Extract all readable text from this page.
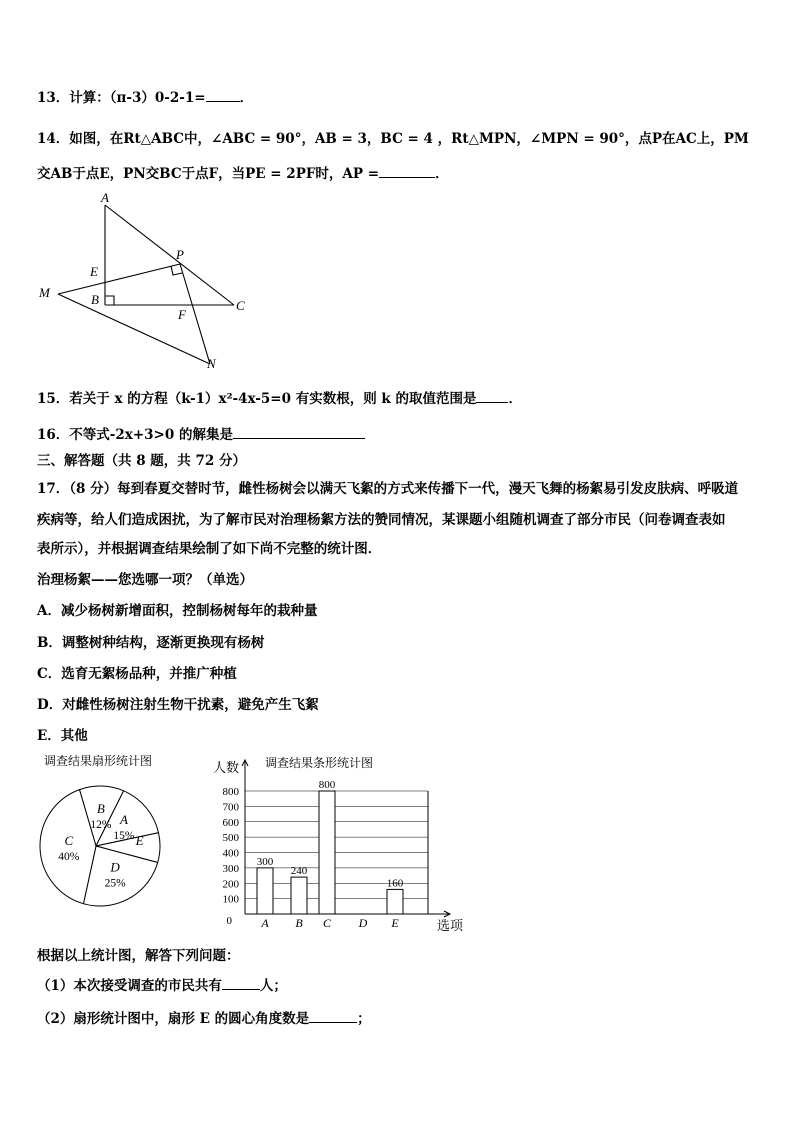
13．计算：（π-3）0-2-1=	．
14．如图，在Rt△ABC中，∠ABC = 90°，AB = 3，BC = 4 ，Rt△MPN，∠MPN = 90°，点P在AC上，PM
交AB于点E，PN交BC于点F，当PE = 2PF时，AP =	．
A
P
E
M	B	C
F
N
15．若关于 x 的方程（k-1）x²-4x-5=0 有实数根，则 k 的取值范围是 ．
16．不等式-2x+3>0 的解集是
三、解答题（共 8 题，共 72 分）
17．（8 分）每到春夏交替时节，雌性杨树会以满天飞絮的方式来传播下一代，漫天飞舞的杨絮易引发皮肤病、呼吸道
疾病等，给人们造成困扰，为了解市民对治理杨絮方法的赞同情况，某课题小组随机调查了部分市民（问卷调查表如
表所示），并根据调查结果绘制了如下尚不完整的统计图．
治理杨絮——您选哪一项？（单选）
A．减少杨树新增面积，控制杨树每年的栽种量
B．调整树种结构，逐渐更换现有杨树
C．选育无絮杨品种，并推广种植
D．对雌性杨树注射生物干扰素，避免产生飞絮
E．其他
调查结果扇形统计图
B
12% A
15% E
D
25%
C
40%
调查结果条形统计图
人数
选项
0
100
200
300
400
500
600
700
800
300
A
240
B
800
C D
160
E
根据以上统计图，解答下列问题：
（1）本次接受调查的市民共有	人；
（2）扇形统计图中，扇形 E 的圆心角度数是	；
